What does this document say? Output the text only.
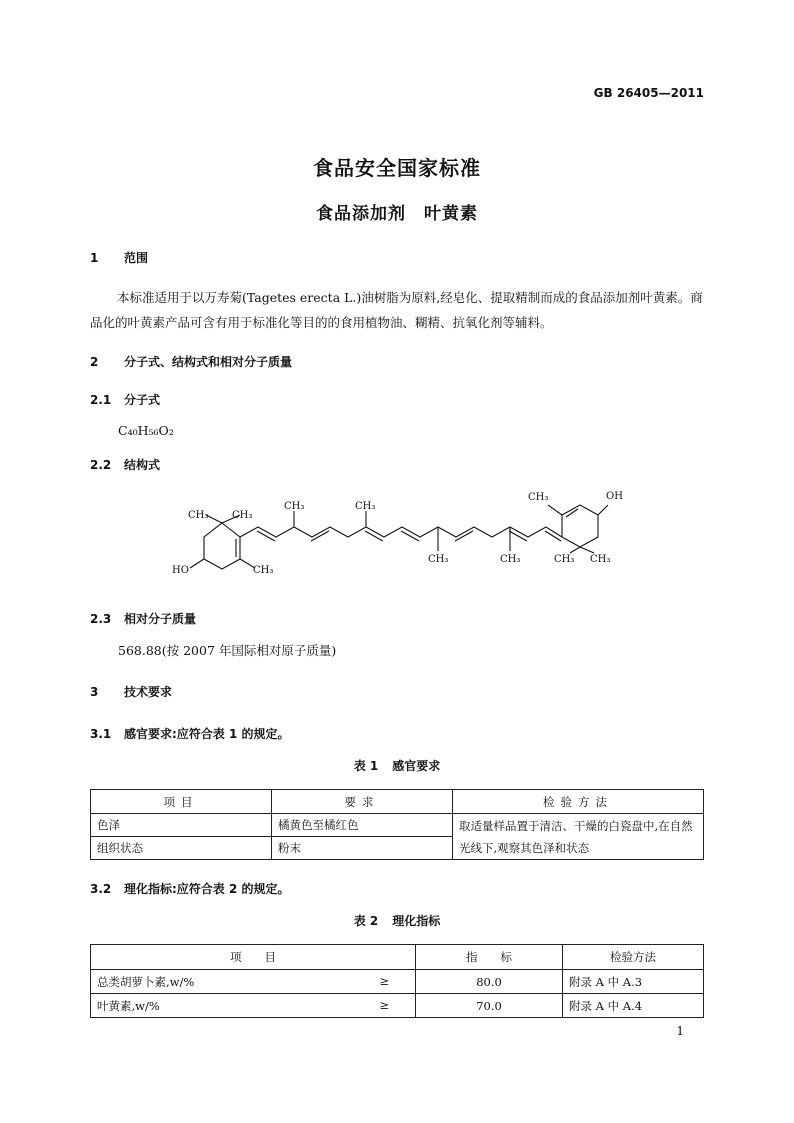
GB 26405—2011
食品安全国家标准
食品添加剂　叶黄素
1 范围
本标准适用于以万寿菊(Tagetes erecta L.)油树脂为原料,经皂化、提取精制而成的食品添加剂叶黄素。商品化的叶黄素产品可含有用于标准化等目的的食用植物油、糊精、抗氧化剂等辅料。
2 分子式、结构式和相对分子质量
2.1 分子式
C₄₀H₅₆O₂
2.2 结构式
CH₃ CH₃
HO	CH₃
CH₃	CH₃
CH₃	CH₃
CH₃	OH
CH₃ CH₃
2.3 相对分子质量
568.88(按 2007 年国际相对原子质量)
3 技术要求
3.1 感官要求:应符合表 1 的规定。
表 1 感官要求
项目	要求	检验方法
色泽	橘黄色至橘红色	取适量样品置于清洁、干燥的白瓷盘中,在自然光线下,观察其色泽和状态
组织状态	粉末	
3.2 理化指标:应符合表 2 的规定。
表 2 理化指标
项　　目	指　　标	检验方法
总类胡萝卜素,w/% ≥	80.0	附录 A 中 A.3
叶黄素,w/% ≥	70.0	附录 A 中 A.4
1
